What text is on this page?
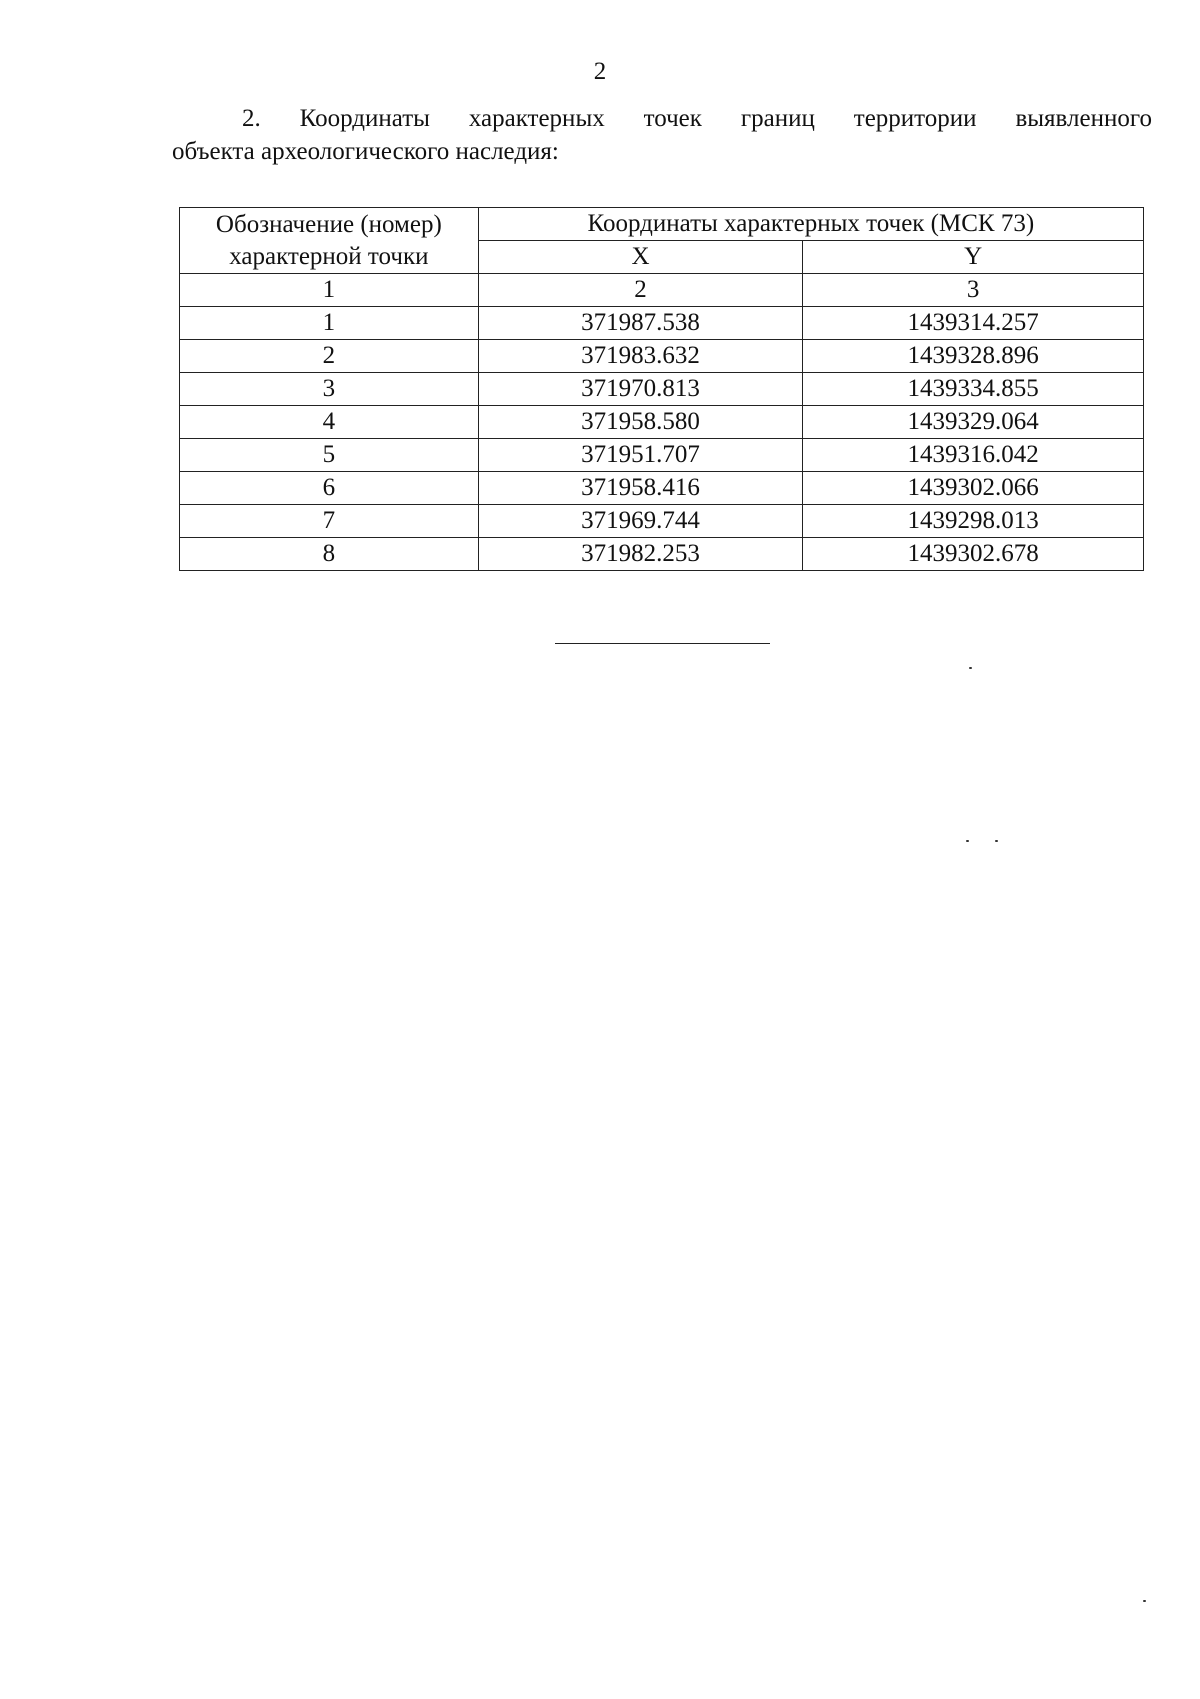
2

2. Координаты характерных точек границ территории выявленного
объекта археологического наследия:

Обозначение (номер) характерной точки	Координаты характерных точек (МСК 73)	
	X	Y
1	2	3
1	371987.538	1439314.257
2	371983.632	1439328.896
3	371970.813	1439334.855
4	371958.580	1439329.064
5	371951.707	1439316.042
6	371958.416	1439302.066
7	371969.744	1439298.013
8	371982.253	1439302.678
